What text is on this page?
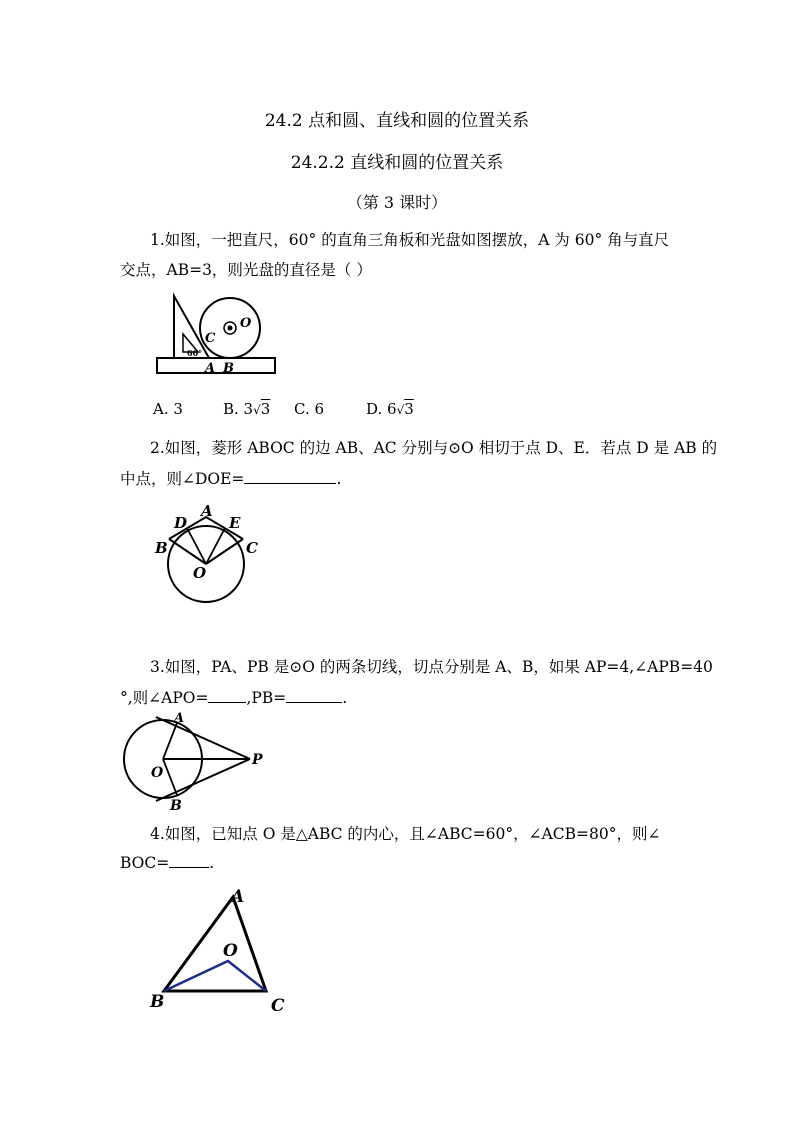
24.2 点和圆、直线和圆的位置关系
24.2.2 直线和圆的位置关系
（第 3 课时）
1.如图，一把直尺，60° 的直角三角板和光盘如图摆放，A 为 60° 角与直尺
交点，AB=3，则光盘的直径是（ ）
C
O
60°
A B
A. 3	B. 3√3 C. 6	D. 6√3
2.如图，菱形 ABOC 的边 AB、AC 分别与⊙O 相切于点 D、E．若点 D 是 AB 的
中点，则∠DOE=	.
A
D	E
B	C
O
3.如图，PA、PB 是⊙O 的两条切线，切点分别是 A、B，如果 AP=4,∠APB=40
°,则∠APO= ,PB=	.
A
P
O
B
4.如图，已知点 O 是△ABC 的内心，且∠ABC=60°，∠ACB=80°，则∠
BOC=	.
A
O
B	C
